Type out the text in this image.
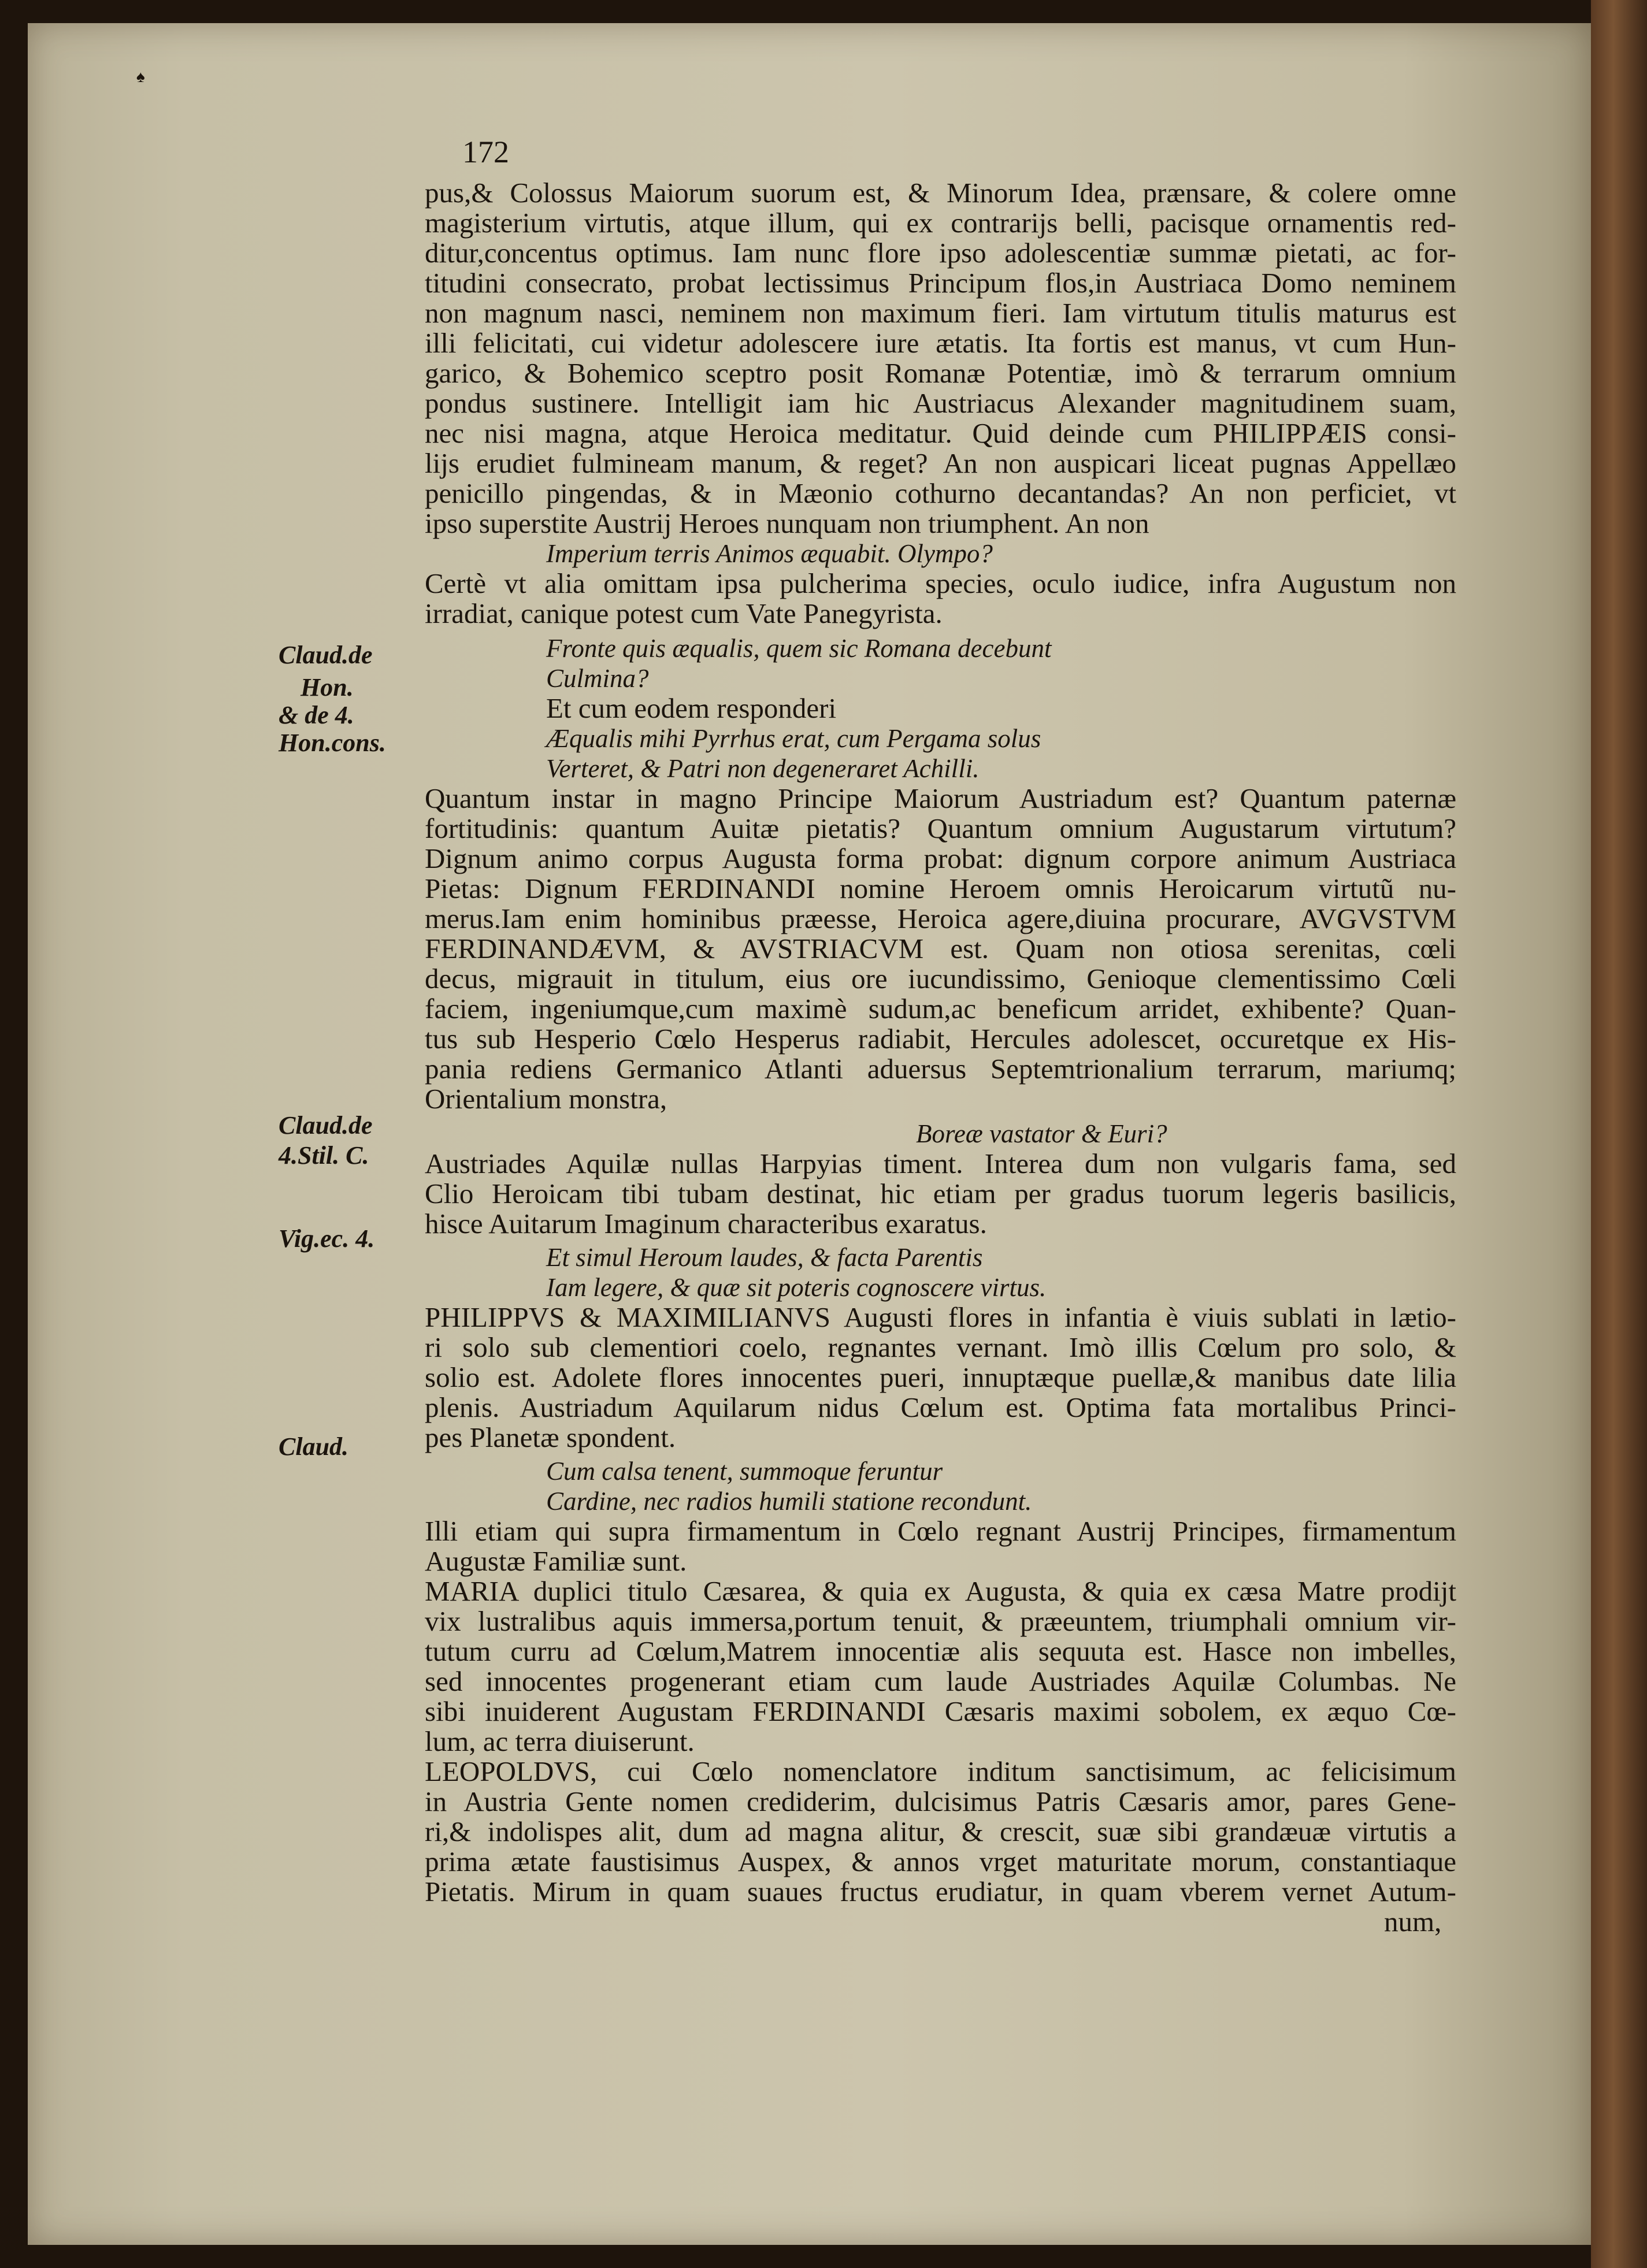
♠
172
pus,& Colossus Maiorum suorum est, & Minorum Idea, prænsare, & colere omne
magisterium virtutis, atque illum, qui ex contrarijs belli, pacisque ornamentis red-
ditur,concentus optimus. Iam nunc flore ipso adolescentiæ summæ pietati, ac for-
titudini consecrato, probat lectissimus Principum flos,in Austriaca Domo neminem
non magnum nasci, neminem non maximum fieri. Iam virtutum titulis maturus est
illi felicitati, cui videtur adolescere iure ætatis. Ita fortis est manus, vt cum Hun-
garico, & Bohemico sceptro posit Romanæ Potentiæ, imò & terrarum omnium
pondus sustinere. Intelligit iam hic Austriacus Alexander magnitudinem suam,
nec nisi magna, atque Heroica meditatur. Quid deinde cum PHILIPPÆIS consi-
lijs erudiet fulmineam manum, & reget? An non auspicari liceat pugnas Appellæo
penicillo pingendas, & in Mæonio cothurno decantandas? An non perficiet, vt
ipso superstite Austrij Heroes nunquam non triumphent. An non
Imperium terris Animos æquabit. Olympo?
Certè vt alia omittam ipsa pulcherima species, oculo iudice, infra Augustum non
irradiat, canique potest cum Vate Panegyrista.
Fronte quis æqualis, quem sic Romana decebunt
Culmina?
Et cum eodem responderi
Æqualis mihi Pyrrhus erat, cum Pergama solus
Verteret, & Patri non degeneraret Achilli.
Quantum instar in magno Principe Maiorum Austriadum est? Quantum paternæ
fortitudinis: quantum Auitæ pietatis? Quantum omnium Augustarum virtutum?
Dignum animo corpus Augusta forma probat: dignum corpore animum Austriaca
Pietas: Dignum FERDINANDI nomine Heroem omnis Heroicarum virtutũ nu-
merus.Iam enim hominibus præesse, Heroica agere,diuina procurare, AVGVSTVM
FERDINANDÆVM, & AVSTRIACVM est. Quam non otiosa serenitas, cœli
decus, migrauit in titulum, eius ore iucundissimo, Genioque clementissimo Cœli
faciem, ingeniumque,cum maximè sudum,ac beneficum arridet, exhibente? Quan-
tus sub Hesperio Cœlo Hesperus radiabit, Hercules adolescet, occuretque ex His-
pania rediens Germanico Atlanti aduersus Septemtrionalium terrarum, mariumq;
Orientalium monstra,
Boreæ vastator & Euri?
Austriades Aquilæ nullas Harpyias timent. Interea dum non vulgaris fama, sed
Clio Heroicam tibi tubam destinat, hic etiam per gradus tuorum legeris basilicis,
hisce Auitarum Imaginum characteribus exaratus.
Et simul Heroum laudes, & facta Parentis
Iam legere, & quæ sit poteris cognoscere virtus.
PHILIPPVS & MAXIMILIANVS Augusti flores in infantia è viuis sublati in lætio-
ri solo sub clementiori coelo, regnantes vernant. Imò illis Cœlum pro solo, &
solio est. Adolete flores innocentes pueri, innuptæque puellæ,& manibus date lilia
plenis. Austriadum Aquilarum nidus Cœlum est. Optima fata mortalibus Princi-
pes Planetæ spondent.
Cum calsa tenent, summoque feruntur
Cardine, nec radios humili statione recondunt.
Illi etiam qui supra firmamentum in Cœlo regnant Austrij Principes, firmamentum
Augustæ Familiæ sunt.
MARIA duplici titulo Cæsarea, & quia ex Augusta, & quia ex cæsa Matre prodijt
vix lustralibus aquis immersa,portum tenuit, & præeuntem, triumphali omnium vir-
tutum curru ad Cœlum,Matrem innocentiæ alis sequuta est. Hasce non imbelles,
sed innocentes progenerant etiam cum laude Austriades Aquilæ Columbas. Ne
sibi inuiderent Augustam FERDINANDI Cæsaris maximi sobolem, ex æquo Cœ-
lum, ac terra diuiserunt.
LEOPOLDVS, cui Cœlo nomenclatore inditum sanctisimum, ac felicisimum
in Austria Gente nomen crediderim, dulcisimus Patris Cæsaris amor, pares Gene-
ri,& indolispes alit, dum ad magna alitur, & crescit, suæ sibi grandæuæ virtutis a
prima ætate faustisimus Auspex, & annos vrget maturitate morum, constantiaque
Pietatis. Mirum in quam suaues fructus erudiatur, in quam vberem vernet Autum-
num,
Claud.de
Hon.
& de 4.
Hon.cons.
Claud.de
4.Stil. C.
Vig.ec. 4.
Claud.
